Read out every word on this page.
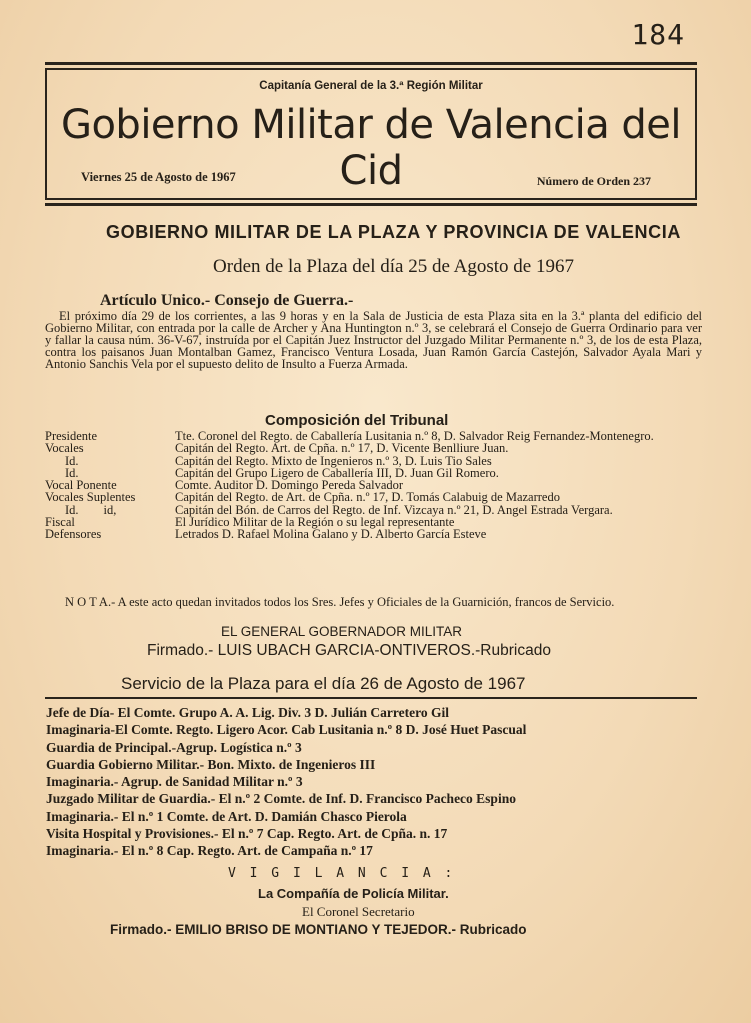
184
Capitanía General de la 3.ª Región Militar
Gobierno Militar de Valencia del Cid
Viernes 25 de Agosto de 1967	Número de Orden 237
GOBIERNO MILITAR DE LA PLAZA Y PROVINCIA DE VALENCIA
Orden de la Plaza del día 25 de Agosto de 1967
Artículo Unico.- Consejo de Guerra.-

El próximo día 29 de los corrientes, a las 9 horas y en la Sala de Justicia de esta Plaza sita en la 3.ª planta del edificio del Gobierno Militar, con entrada por la calle de Archer y Ana Huntington n.º 3, se celebrará el Consejo de Guerra Ordinario para ver y fallar la causa núm. 36-V-67, instruída por el Capitán Juez Instructor del Juzgado Militar Permanente n.º 3, de los de esta Plaza, contra los paisanos Juan Montalban Gamez, Francisco Ventura Losada, Juan Ramón García Castejón, Salvador Ayala Mari y Antonio Sanchis Vela por el supuesto delito de Insulto a Fuerza Armada.

Composición del Tribunal
Presidente	Tte. Coronel del Regto. de Caballería Lusitania n.º 8, D. Salvador Reig Fernandez-Montenegro.
Vocales	Capitán del Regto. Art. de Cpña. n.º 17, D. Vicente Benlliure Juan.
Id.	Capitán del Regto. Mixto de Ingenieros n.º 3, D. Luis Tio Sales
Id.	Capitán del Grupo Ligero de Caballería III, D. Juan Gil Romero.
Vocal Ponente	Comte. Auditor D. Domingo Pereda Salvador
Vocales Suplentes	Capitán del Regto. de Art. de Cpña. n.º 17, D. Tomás Calabuig de Mazarredo
Id.        id,	Capitán del Bón. de Carros del Regto. de Inf. Vizcaya n.º 21, D. Angel Estrada Vergara.
Fiscal	El Jurídico Militar de la Región o su legal representante
Defensores	Letrados D. Rafael Molina Galano y D. Alberto García Esteve
N O T A.- A este acto quedan invitados todos los Sres. Jefes y Oficiales de la Guarnición, francos de Servicio.
EL GENERAL GOBERNADOR MILITAR
Firmado.- LUIS UBACH GARCIA-ONTIVEROS.-Rubricado
Servicio de la Plaza para el día 26 de Agosto de 1967
Jefe de Día- El Comte. Grupo A. A. Lig. Div. 3 D. Julián Carretero Gil
Imaginaria-El Comte. Regto. Ligero Acor. Cab Lusitania n.º 8 D. José Huet Pascual
Guardia de Principal.-Agrup. Logística n.º 3
Guardia Gobierno Militar.- Bon. Mixto. de Ingenieros III
Imaginaria.- Agrup. de Sanidad Militar n.º 3
Juzgado Militar de Guardia.- El n.º 2 Comte. de Inf. D. Francisco Pacheco Espino
Imaginaria.- El n.º 1 Comte. de Art. D. Damián Chasco Pierola
Visita Hospital y Provisiones.- El n.º 7 Cap. Regto. Art. de Cpña. n. 17
Imaginaria.- El n.º 8 Cap. Regto. Art. de Campaña n.º 17
V I G I L A N C I A :
La Compañía de Policía Militar.
El Coronel Secretario
Firmado.- EMILIO BRISO DE MONTIANO Y TEJEDOR.- Rubricado
